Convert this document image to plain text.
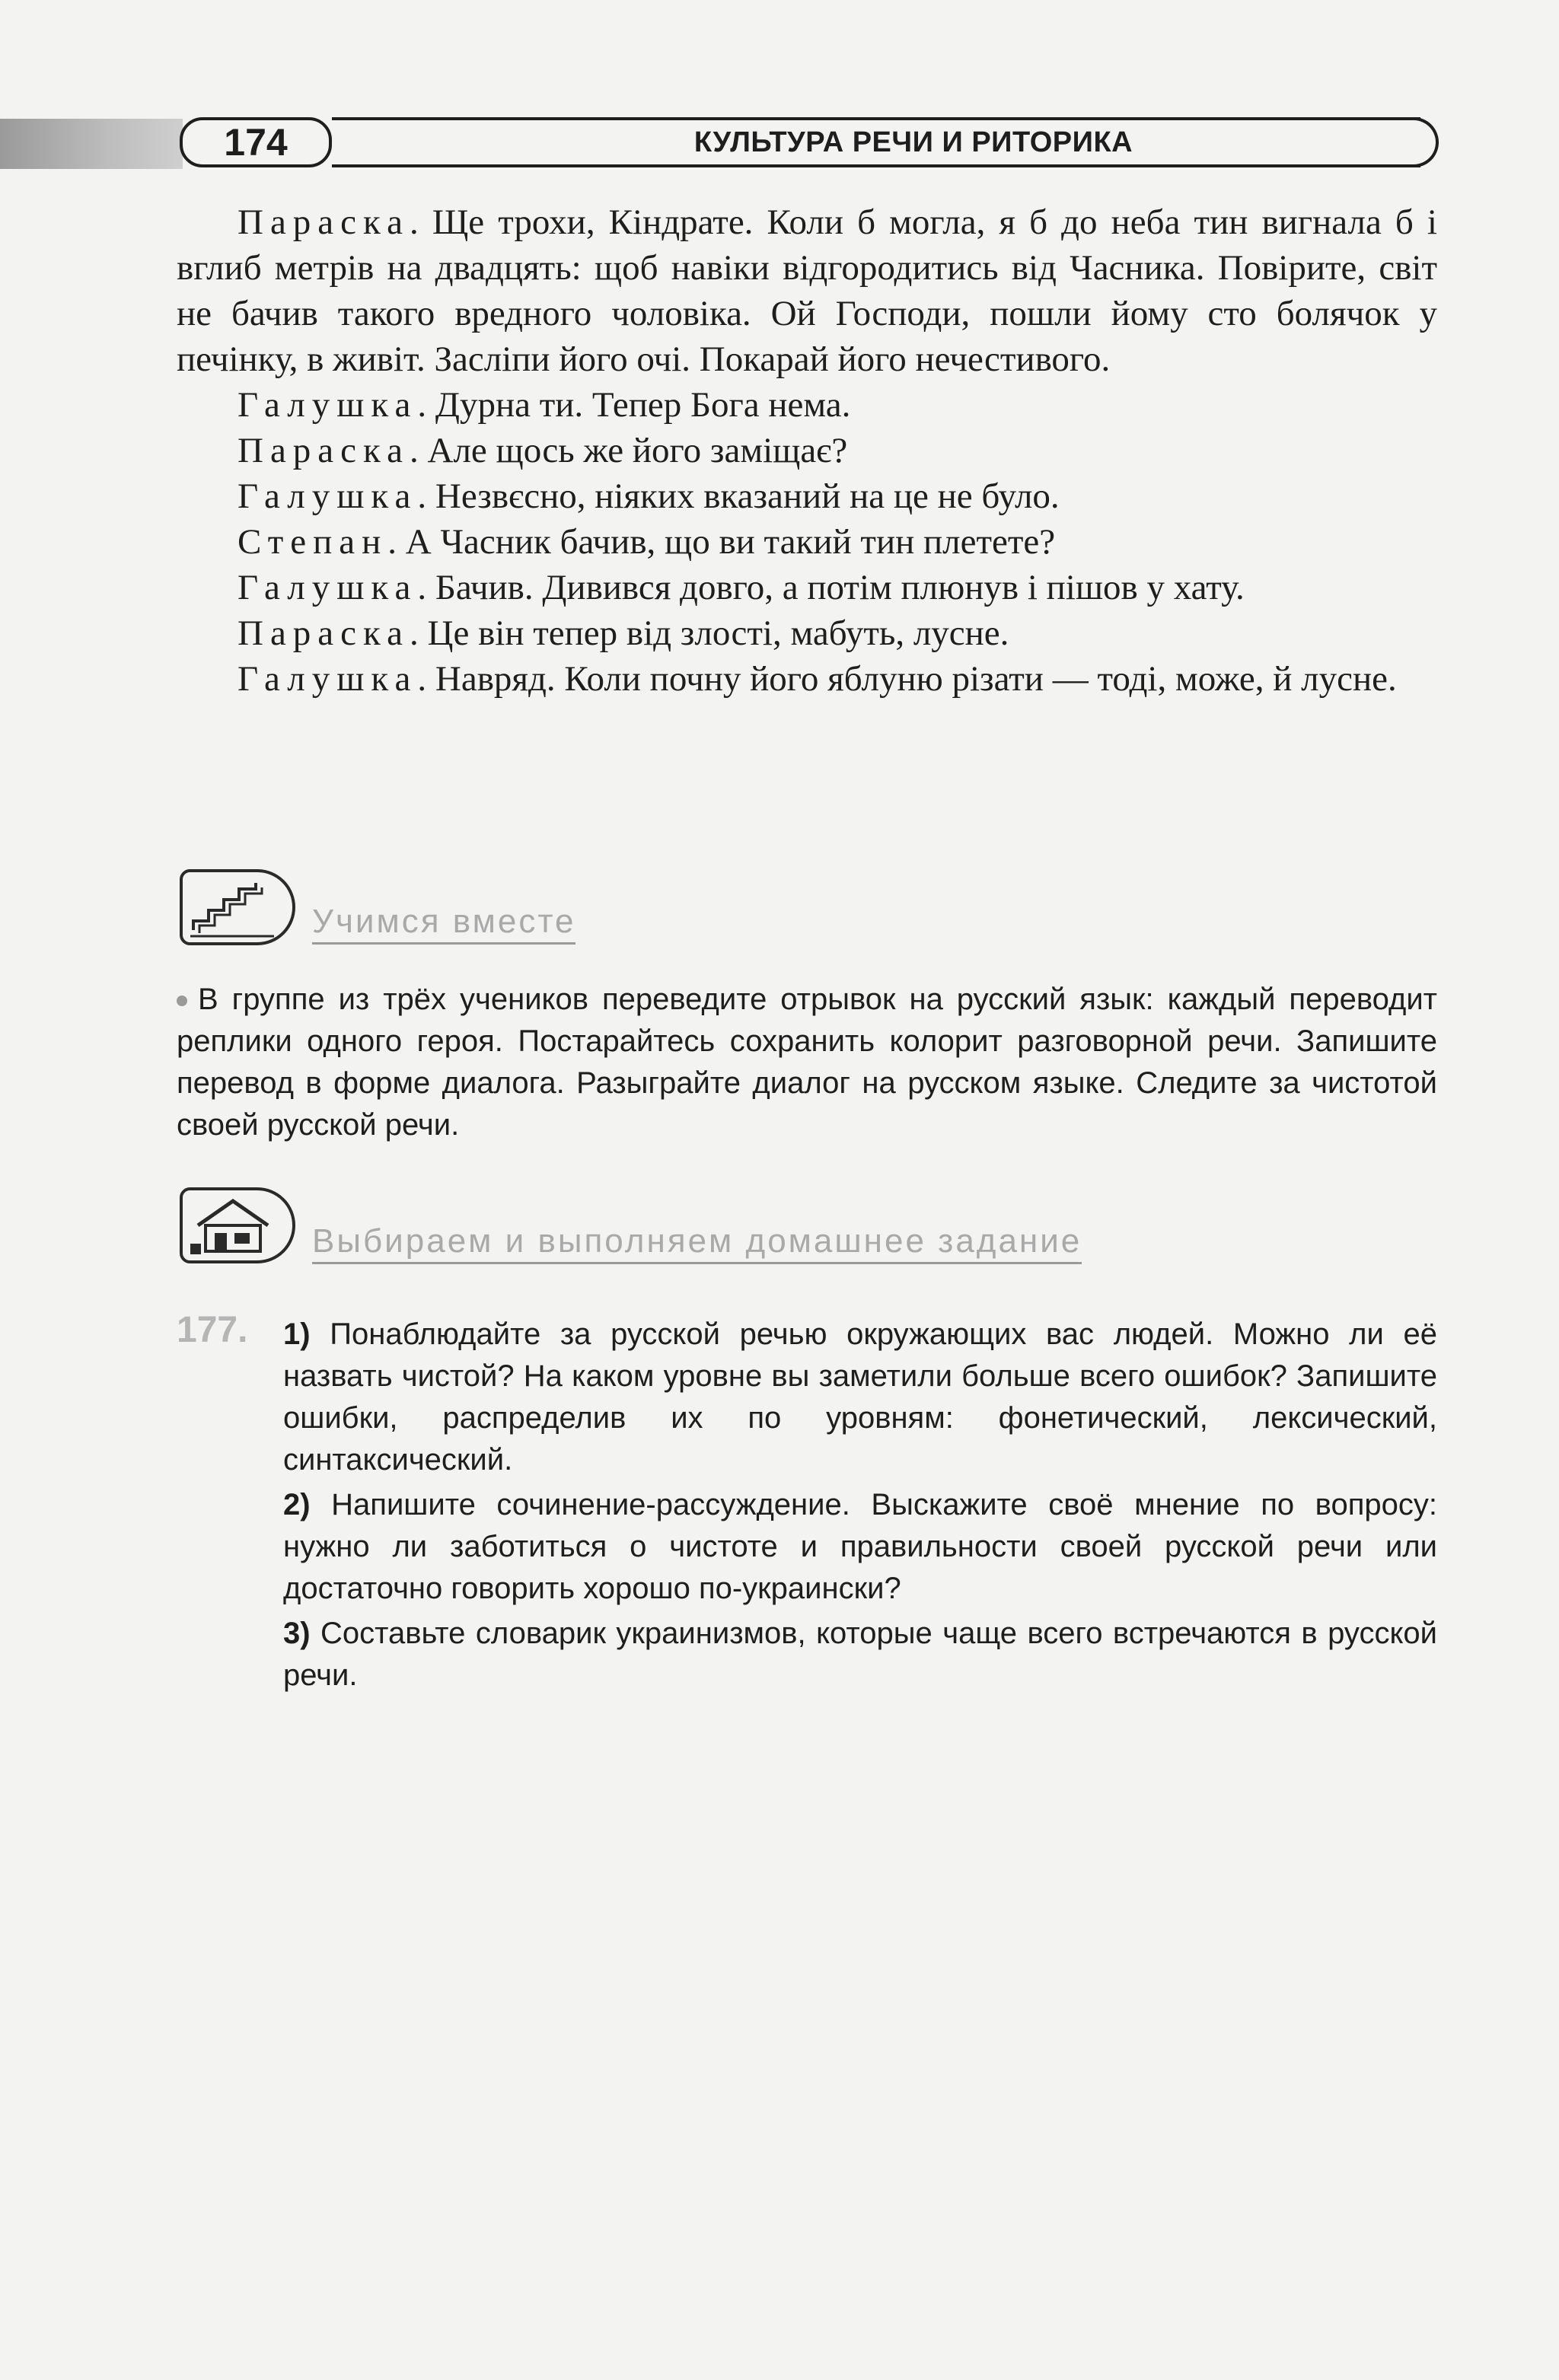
174	КУЛЬТУРА РЕЧИ И РИТОРИКА

Параска. Ще трохи, Кіндрате. Коли б могла, я б до неба тин вигнала б і вглиб метрів на двадцять: щоб навіки відгородитись від Часника. Повірите, світ не бачив такого вредного чоловіка. Ой Господи, пошли йому сто болячок у печінку, в живіт. Засліпи його очі. Покарай його нечестивого.

Галушка. Дурна ти. Тепер Бога нема.

Параска. Але щось же його заміщає?

Галушка. Незвєсно, ніяких вказаний на це не було.

Степан. А Часник бачив, що ви такий тин плетете?

Галушка. Бачив. Дивився довго, а потім плюнув і пішов у хату.

Параска. Це він тепер від злості, мабуть, лусне.

Галушка. Навряд. Коли почну його яблуню різати — тоді, може, й лусне.

Учимся вместе

В группе из трёх учеников переведите отрывок на русский язык: каждый переводит реплики одного героя. Постарайтесь сохранить колорит разговорной речи. Запишите перевод в форме диалога. Разыграйте диалог на русском языке. Следите за чистотой своей русской речи.

Выбираем и выполняем домашнее задание
177. 1) Понаблюдайте за русской речью окружающих вас людей. Можно ли её назвать чистой? На каком уровне вы заметили больше всего ошибок? Запишите ошибки, распределив их по уровням: фонетический, лексический, синтаксический.

2) Напишите сочинение-рассуждение. Выскажите своё мнение по вопросу: нужно ли заботиться о чистоте и правильности своей русской речи или достаточно говорить хорошо по-украински?

3) Составьте словарик украинизмов, которые чаще всего встречаются в русской речи.
